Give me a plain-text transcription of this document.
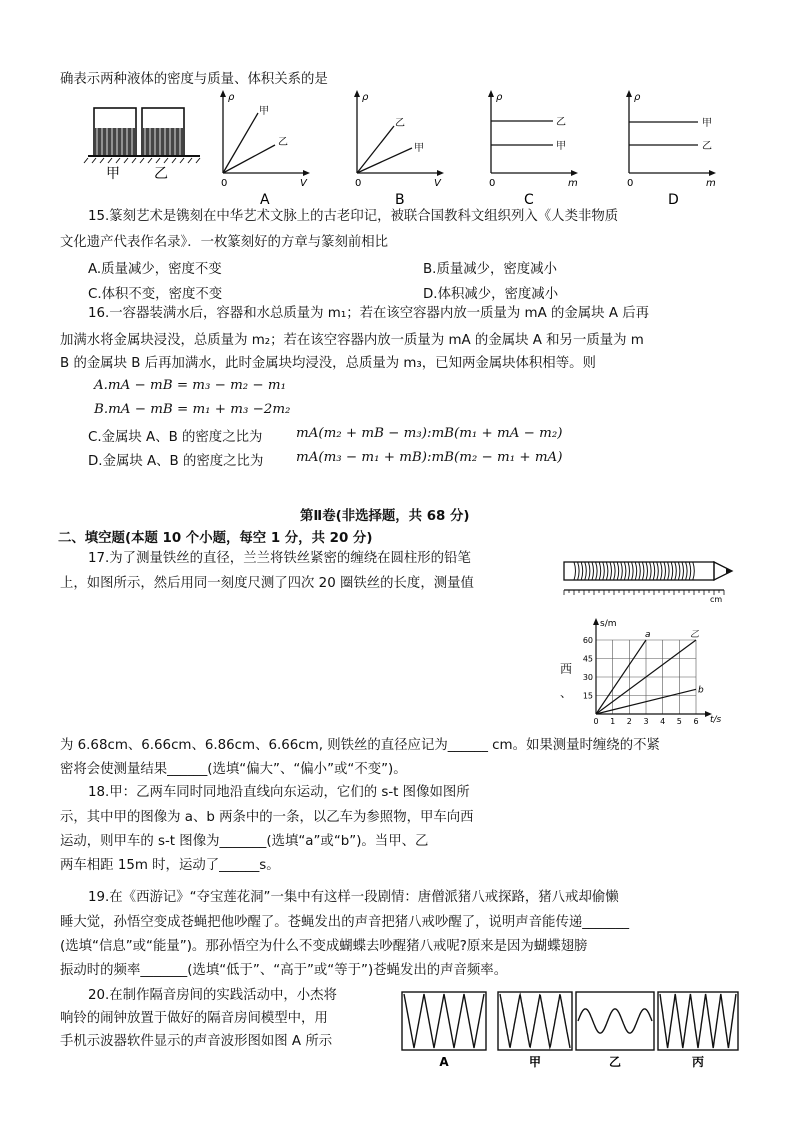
确表示两种液体的密度与质量、体积关系的是
甲 乙
ρ
0	V
甲
乙
A
ρ
0	V
乙
甲
B
ρ
0	m
乙
甲
C
ρ
0	m
甲
乙
D
15.篆刻艺术是镌刻在中华艺术文脉上的古老印记，被联合国教科文组织列入《人类非物质
文化遗产代表作名录》．一枚篆刻好的方章与篆刻前相比
A.质量减少，密度不变	B.质量减少，密度减小
C.体积不变，密度不变	D.体积减少，密度减小
16.一容器装满水后，容器和水总质量为 m₁；若在该空容器内放一质量为 mA 的金属块 A 后再
加满水将金属块浸没，总质量为 m₂；若在该空容器内放一质量为 mA 的金属块 A 和另一质量为 m
B 的金属块 B 后再加满水，此时金属块均浸没，总质量为 m₃，已知两金属块体积相等。则
A.mA − mB = m₃ − m₂ − m₁
B.mA − mB = m₁ + m₃ −2m₂
C.金属块 A、B 的密度之比为	mA(m₂ + mB − m₃):mB(m₁ + mA − m₂)
D.金属块 A、B 的密度之比为 mA(m₃ − m₁ + mB):mB(m₂ − m₁ + mA)
第Ⅱ卷(非选择题，共 68 分)
二、填空题(本题 10 个小题，每空 1 分，共 20 分)
17.为了测量铁丝的直径，兰兰将铁丝紧密的缠绕在圆柱形的铅笔
上，如图所示，然后用同一刻度尺测了四次 20 圈铁丝的长度，测量值
cm
西
、
s/m
t/s
60
45
30
15
0 1 2 3 4 5 6
a	乙
b
为 6.68cm、6.66cm、6.86cm、6.66cm, 则铁丝的直径应记为______ cm。如果测量时缠绕的不紧
密将会使测量结果______(选填“偏大”、“偏小”或“不变”)。
18.甲：乙两车同时同地沿直线向东运动，它们的 s-t 图像如图所
示，其中甲的图像为 a、b 两条中的一条，以乙车为参照物，甲车向西
运动，则甲车的 s-t 图像为_______(选填“a”或“b”)。当甲、乙
两车相距 15m 时，运动了______s。
19.在《西游记》“夺宝莲花洞”一集中有这样一段剧情：唐僧派猪八戒探路，猪八戒却偷懒
睡大觉，孙悟空变成苍蝇把他吵醒了。苍蝇发出的声音把猪八戒吵醒了，说明声音能传递_______
(选填“信息”或“能量”)。那孙悟空为什么不变成蝴蝶去吵醒猪八戒呢?原来是因为蝴蝶翅膀
振动时的频率_______(选填“低于”、“高于”或“等于”)苍蝇发出的声音频率。
20.在制作隔音房间的实践活动中，小杰将
响铃的闹钟放置于做好的隔音房间模型中，用
手机示波器软件显示的声音波形图如图 A 所示
A	甲	乙	丙
